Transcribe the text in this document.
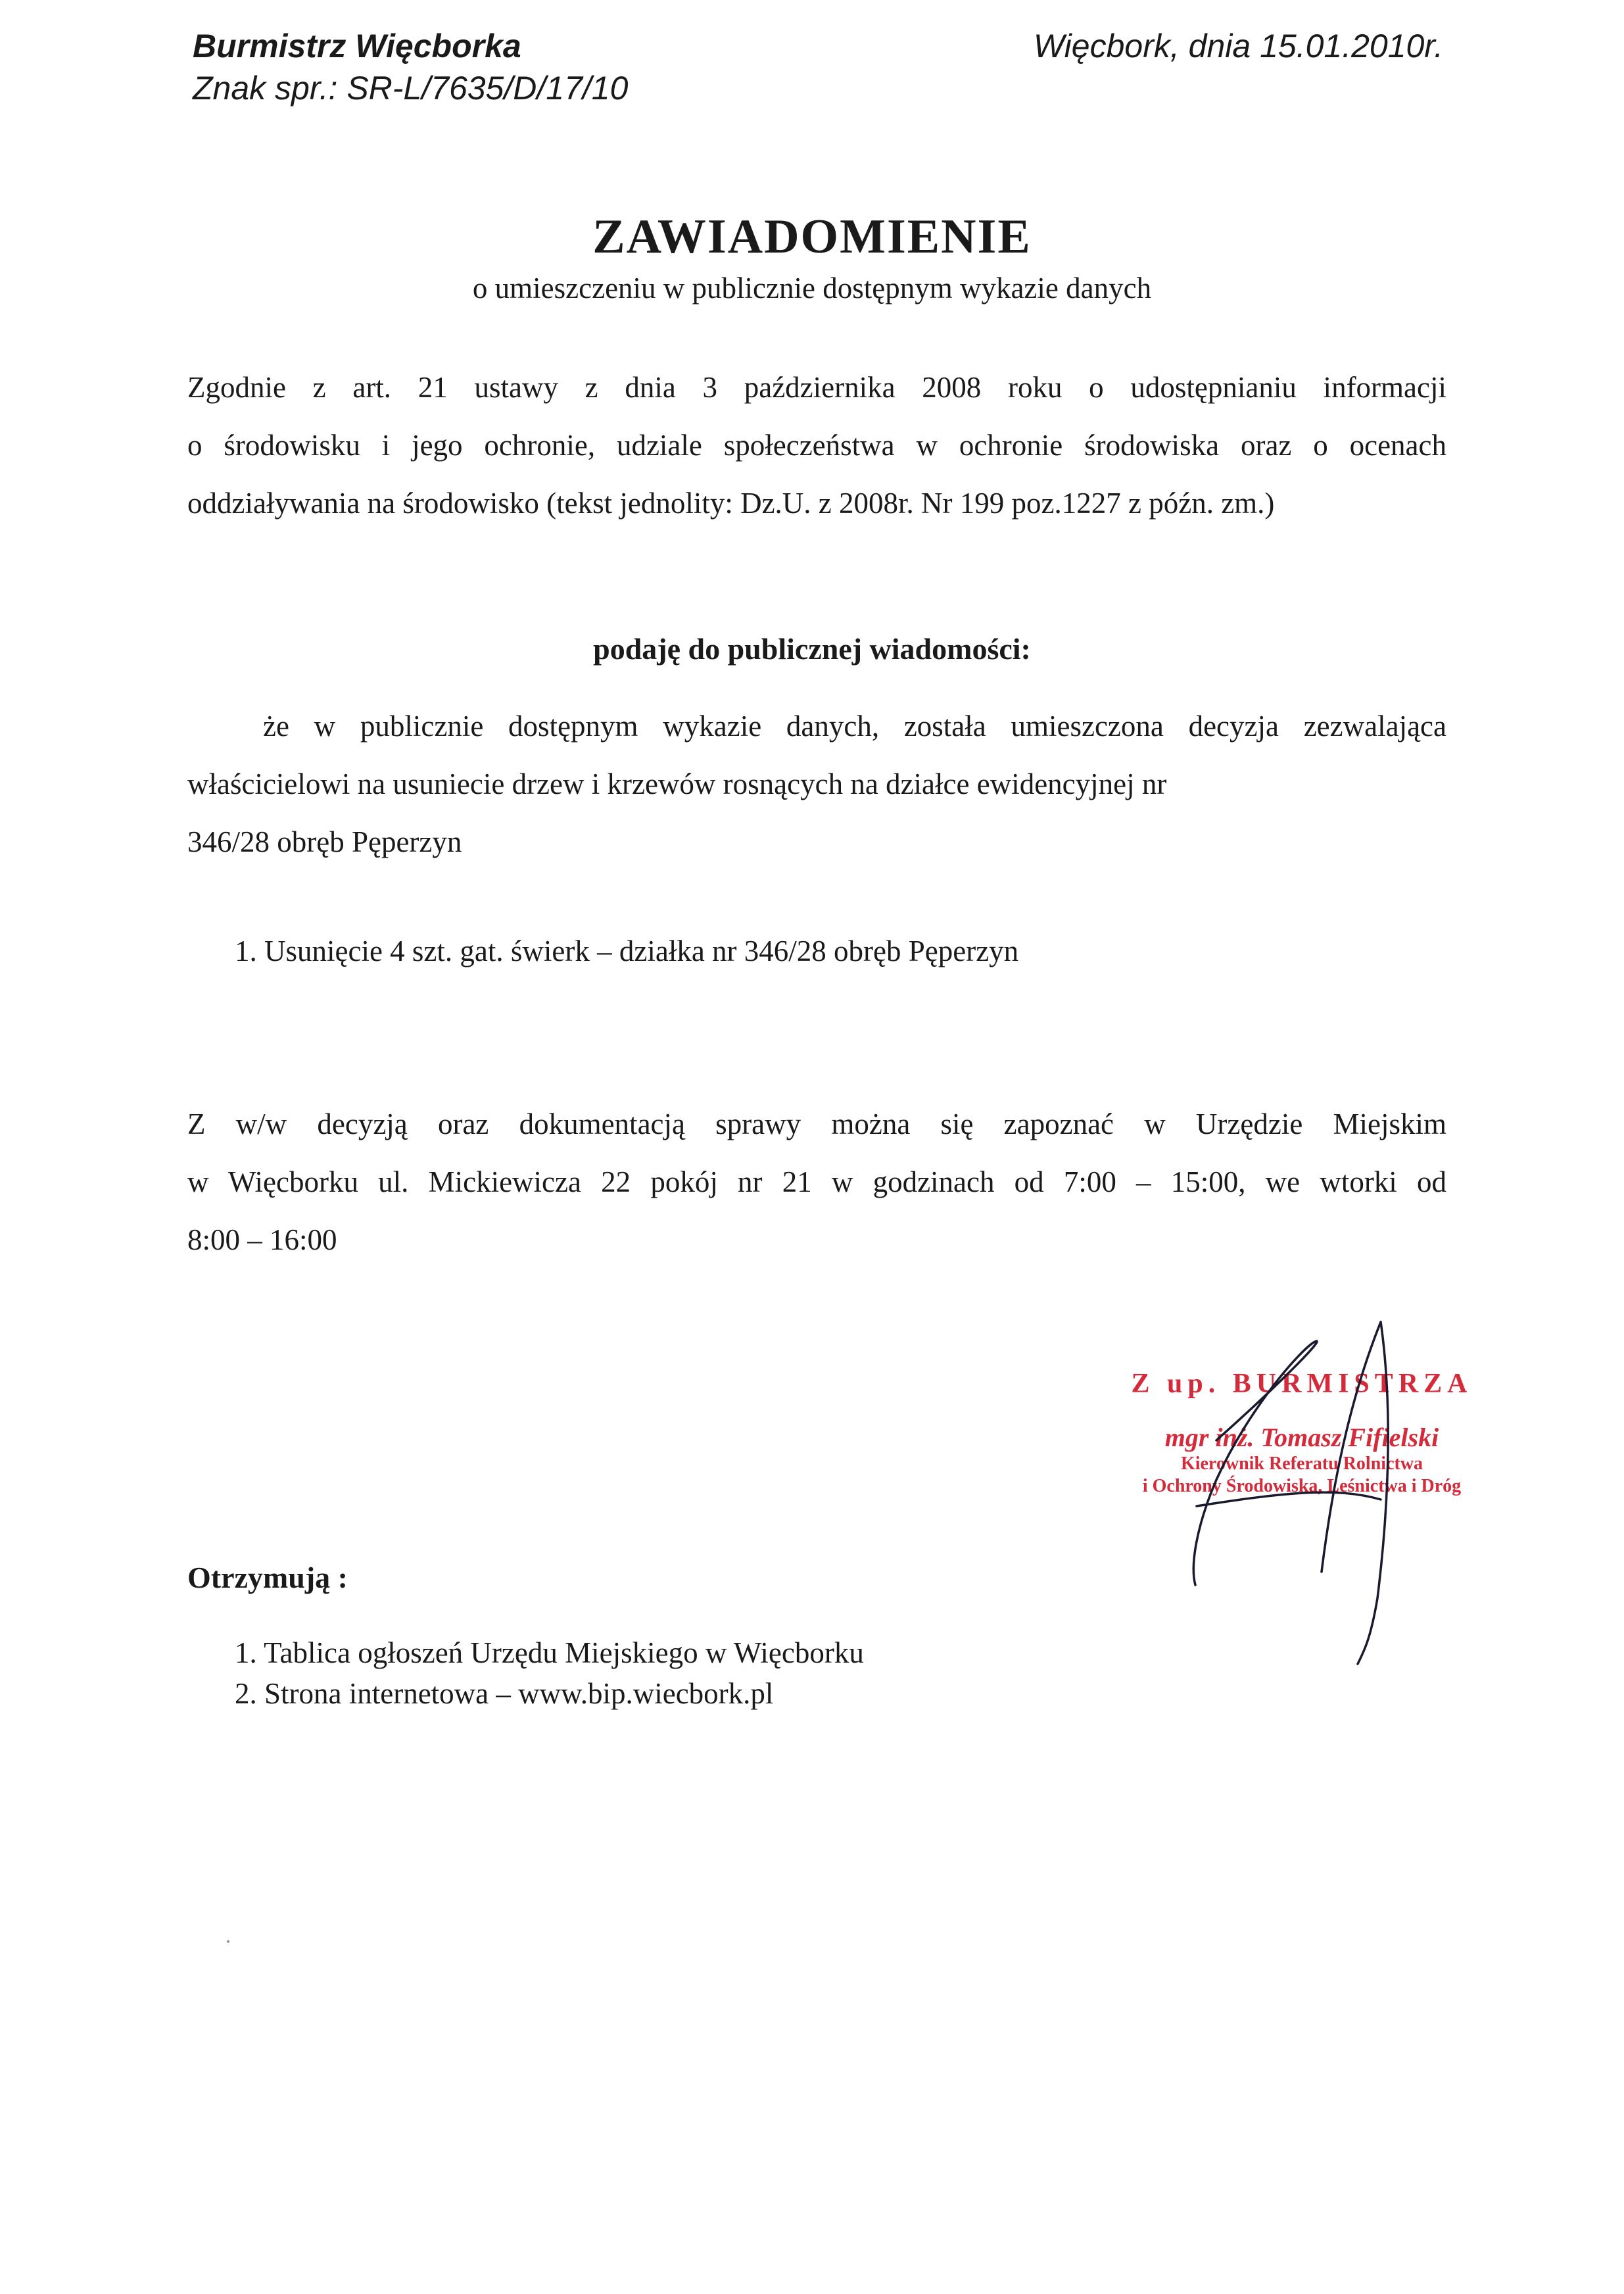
Burmistrz Więcborka
Znak spr.: SR-L/7635/D/17/10
Więcbork, dnia 15.01.2010r.
ZAWIADOMIENIE
o umieszczeniu w publicznie dostępnym wykazie danych
Zgodnie z art. 21 ustawy z dnia 3 października 2008 roku o udostępnianiu informacji
o środowisku i jego ochronie, udziale społeczeństwa w ochronie środowiska oraz o ocenach
oddziaływania na środowisko (tekst jednolity: Dz.U. z 2008r. Nr 199 poz.1227 z późn. zm.)
podaję do publicznej wiadomości:
że w publicznie dostępnym wykazie danych, została umieszczona decyzja zezwalająca
właścicielowi na usuniecie drzew i krzewów rosnących na działce ewidencyjnej nr
346/28 obręb Pęperzyn
1. Usunięcie 4 szt. gat. świerk – działka nr 346/28 obręb Pęperzyn
Z w/w decyzją oraz dokumentacją sprawy można się zapoznać w Urzędzie Miejskim
w Więcborku ul. Mickiewicza 22 pokój nr 21 w godzinach od 7:00 – 15:00, we wtorki od
8:00 – 16:00
Z up. BURMISTRZA
mgr inż. Tomasz Fifielski
Kierownik Referatu Rolnictwa
i Ochrony Środowiska, Leśnictwa i Dróg
Otrzymują :
1. Tablica ogłoszeń Urzędu Miejskiego w Więcborku
2. Strona internetowa – www.bip.wiecbork.pl
